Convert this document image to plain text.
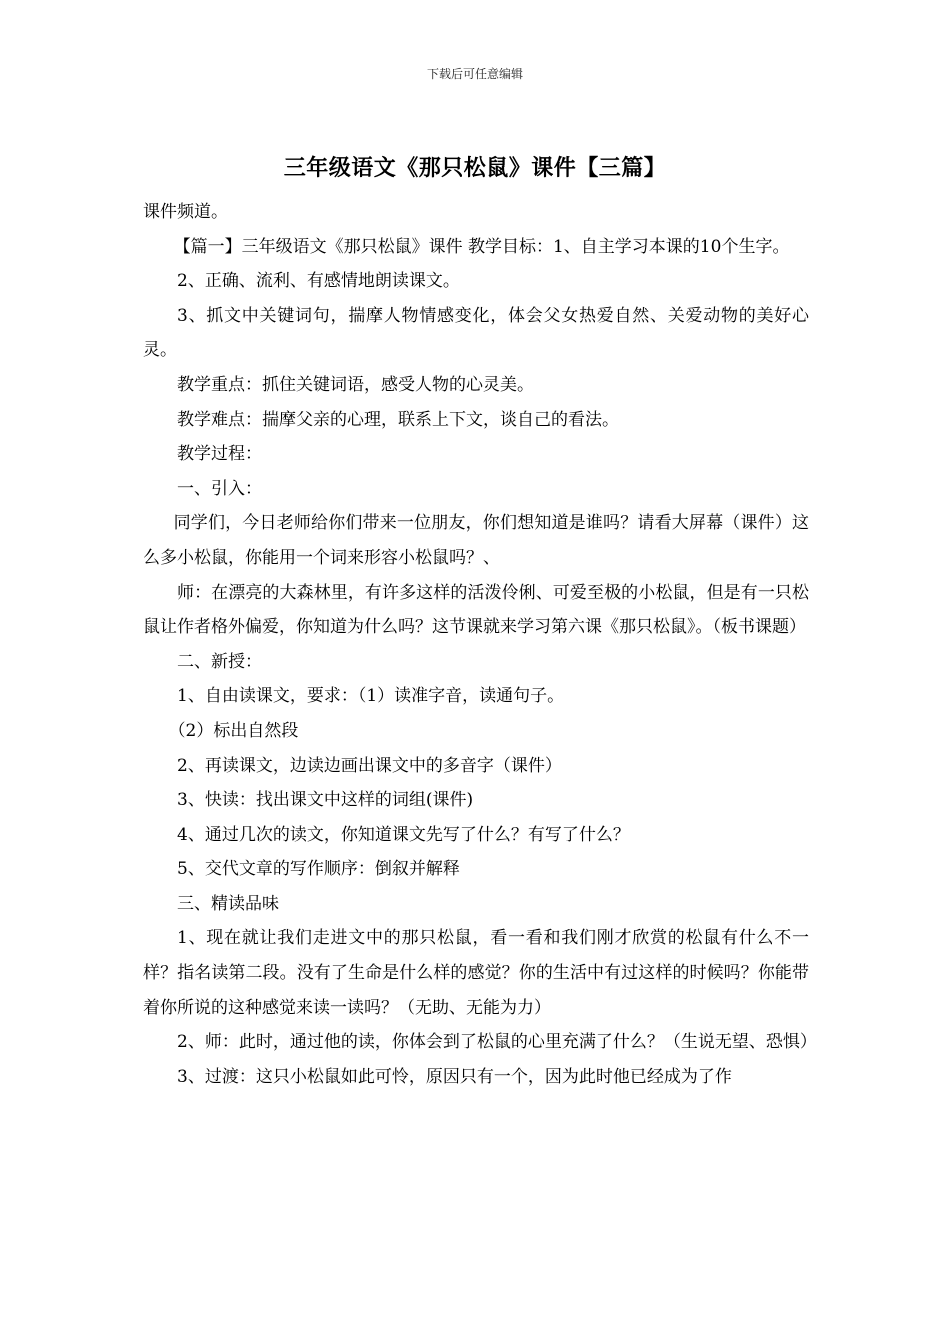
下载后可任意编辑
三年级语文《那只松鼠》课件【三篇】

课件频道。

【篇一】三年级语文《那只松鼠》课件 教学目标：1、自主学习本课的10个生字。

2、正确、流利、有感情地朗读课文。

3、抓文中关键词句，揣摩人物情感变化，体会父女热爱自然、关爱动物的美好心灵。

教学重点：抓住关键词语，感受人物的心灵美。

教学难点：揣摩父亲的心理，联系上下文，谈自己的看法。

教学过程：

一、引入：

同学们，今日老师给你们带来一位朋友，你们想知道是谁吗？请看大屏幕（课件）这么多小松鼠，你能用一个词来形容小松鼠吗？、

师：在漂亮的大森林里，有许多这样的活泼伶俐、可爱至极的小松鼠，但是有一只松鼠让作者格外偏爱，你知道为什么吗？这节课就来学习第六课《那只松鼠》。（板书课题）

二、新授：

1、自由读课文，要求：（1）读准字音，读通句子。

（2）标出自然段

2、再读课文，边读边画出课文中的多音字（课件）

3、快读：找出课文中这样的词组(课件)

4、通过几次的读文，你知道课文先写了什么？有写了什么？

5、交代文章的写作顺序：倒叙并解释

三、精读品味

1、现在就让我们走进文中的那只松鼠，看一看和我们刚才欣赏的松鼠有什么不一样？指名读第二段。没有了生命是什么样的感觉？你的生活中有过这样的时候吗？你能带着你所说的这种感觉来读一读吗？（无助、无能为力）

2、师：此时，通过他的读，你体会到了松鼠的心里充满了什么？（生说无望、恐惧）

3、过渡：这只小松鼠如此可怜，原因只有一个，因为此时他已经成为了作
